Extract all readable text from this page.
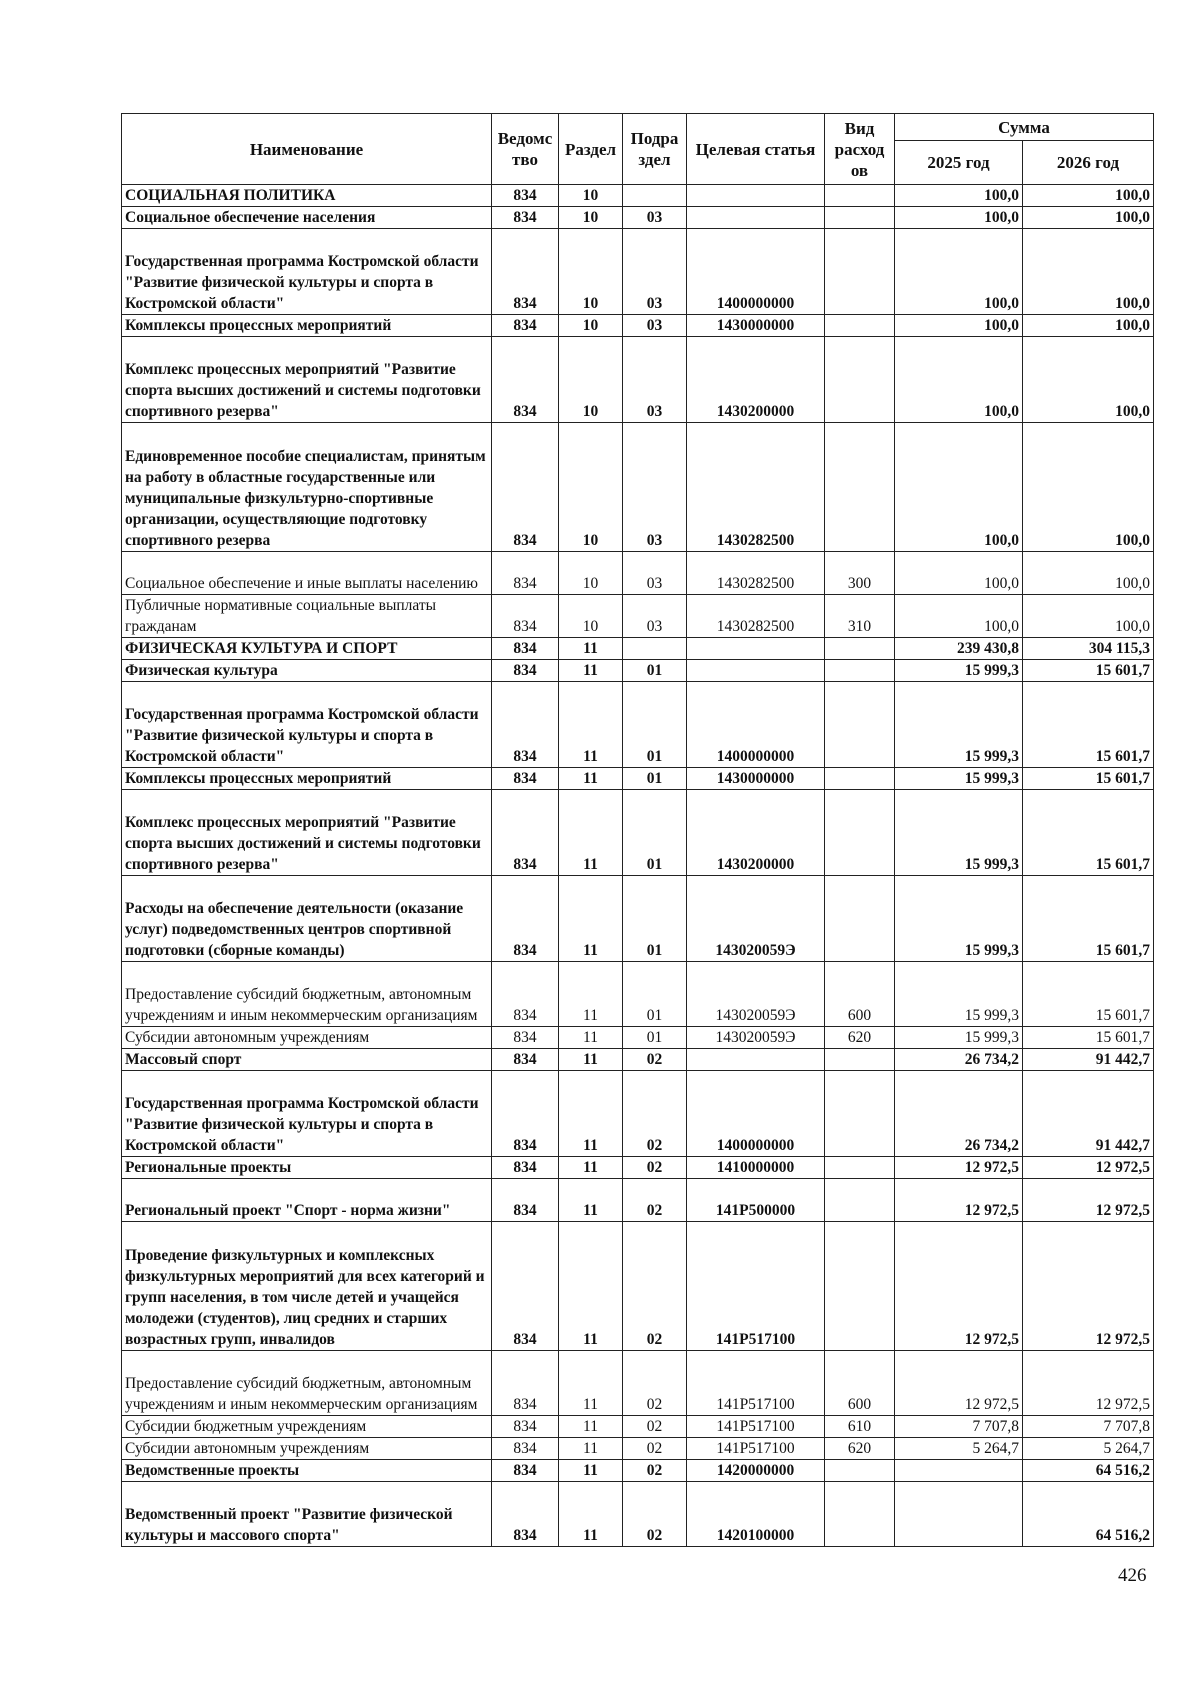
Наименование	Ведомс тво	Раздел	Подра здел	Целевая статья	Вид расход ов	Сумма	
						2025 год	2026 год
СОЦИАЛЬНАЯ ПОЛИТИКА	834	10				100,0	100,0
Социальное обеспечение населения	834	10	03			100,0	100,0
Государственная программа Костромской области "Развитие физической культуры и спорта в Костромской области"	834	10	03	1400000000		100,0	100,0
Комплексы процессных мероприятий	834	10	03	1430000000		100,0	100,0
Комплекс процессных мероприятий "Развитие спорта высших достижений и системы подготовки спортивного резерва"	834	10	03	1430200000		100,0	100,0
Единовременное пособие специалистам, принятым на работу в областные государственные или муниципальные физкультурно-спортивные организации, осуществляющие подготовку спортивного резерва	834	10	03	1430282500		100,0	100,0
Социальное обеспечение и иные выплаты населению	834	10	03	1430282500	300	100,0	100,0
Публичные нормативные социальные выплаты гражданам	834	10	03	1430282500	310	100,0	100,0
ФИЗИЧЕСКАЯ КУЛЬТУРА И СПОРТ	834	11				239 430,8	304 115,3
Физическая культура	834	11	01			15 999,3	15 601,7
Государственная программа Костромской области "Развитие физической культуры и спорта в Костромской области"	834	11	01	1400000000		15 999,3	15 601,7
Комплексы процессных мероприятий	834	11	01	1430000000		15 999,3	15 601,7
Комплекс процессных мероприятий "Развитие спорта высших достижений и системы подготовки спортивного резерва"	834	11	01	1430200000		15 999,3	15 601,7
Расходы на обеспечение деятельности (оказание услуг) подведомственных центров спортивной подготовки (сборные команды)	834	11	01	143020059Э		15 999,3	15 601,7
Предоставление субсидий бюджетным, автономным учреждениям и иным некоммерческим организациям	834	11	01	143020059Э	600	15 999,3	15 601,7
Субсидии автономным учреждениям	834	11	01	143020059Э	620	15 999,3	15 601,7
Массовый спорт	834	11	02			26 734,2	91 442,7
Государственная программа Костромской области "Развитие физической культуры и спорта в Костромской области"	834	11	02	1400000000		26 734,2	91 442,7
Региональные проекты	834	11	02	1410000000		12 972,5	12 972,5
Региональный проект "Спорт - норма жизни"	834	11	02	141Р500000		12 972,5	12 972,5
Проведение физкультурных и комплексных физкультурных мероприятий для всех категорий и групп населения, в том числе детей и учащейся молодежи (студентов), лиц средних и старших возрастных групп, инвалидов	834	11	02	141Р517100		12 972,5	12 972,5
Предоставление субсидий бюджетным, автономным учреждениям и иным некоммерческим организациям	834	11	02	141Р517100	600	12 972,5	12 972,5
Субсидии бюджетным учреждениям	834	11	02	141Р517100	610	7 707,8	7 707,8
Субсидии автономным учреждениям	834	11	02	141Р517100	620	5 264,7	5 264,7
Ведомственные проекты	834	11	02	1420000000			64 516,2
Ведомственный проект "Развитие физической культуры и массового спорта"	834	11	02	1420100000			64 516,2
426
